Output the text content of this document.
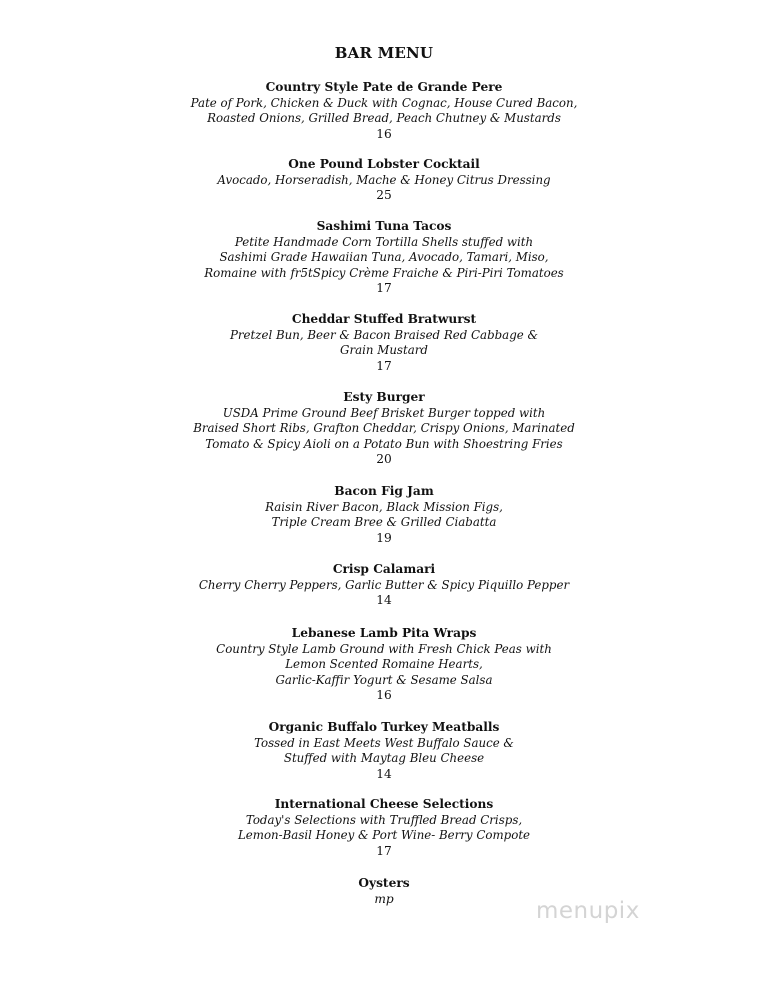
BAR MENU
Country Style Pate de Grande Pere
Pate of Pork, Chicken & Duck with Cognac, House Cured Bacon,
Roasted Onions, Grilled Bread, Peach Chutney & Mustards
16
One Pound Lobster Cocktail
Avocado, Horseradish, Mache & Honey Citrus Dressing
25
Sashimi Tuna Tacos
Petite Handmade Corn Tortilla Shells stuffed with
Sashimi Grade Hawaiian Tuna, Avocado, Tamari, Miso,
Romaine with fr5tSpicy Crème Fraiche & Piri-Piri Tomatoes
17
Cheddar Stuffed Bratwurst
Pretzel Bun, Beer & Bacon Braised Red Cabbage &
Grain Mustard
17
Esty Burger
USDA Prime Ground Beef Brisket Burger topped with
Braised Short Ribs, Grafton Cheddar, Crispy Onions, Marinated
Tomato & Spicy Aioli on a Potato Bun with Shoestring Fries
20
Bacon Fig Jam
Raisin River Bacon, Black Mission Figs,
Triple Cream Bree & Grilled Ciabatta
19
Crisp Calamari
Cherry Cherry Peppers, Garlic Butter & Spicy Piquillo Pepper
14
Lebanese Lamb Pita Wraps
Country Style Lamb Ground with Fresh Chick Peas with
Lemon Scented Romaine Hearts,
Garlic-Kaffir Yogurt & Sesame Salsa
16
Organic Buffalo Turkey Meatballs
Tossed in East Meets West Buffalo Sauce &
Stuffed with Maytag Bleu Cheese
14
International Cheese Selections
Today's Selections with Truffled Bread Crisps,
Lemon-Basil Honey & Port Wine- Berry Compote
17
Oysters
mp	menupix
